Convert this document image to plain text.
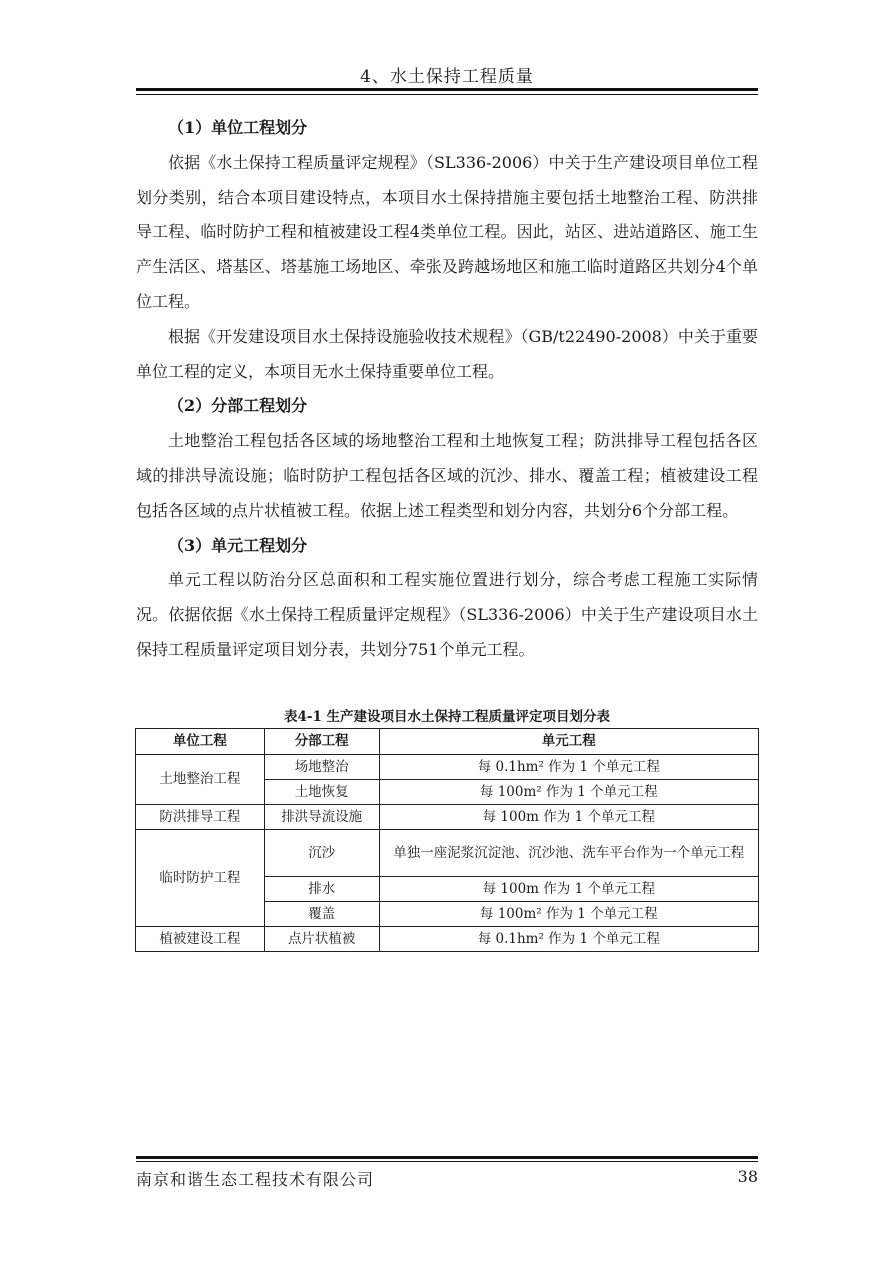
4、水土保持工程质量
（1）单位工程划分

依据《水土保持工程质量评定规程》（SL336-2006）中关于生产建设项目单位工程划分类别，结合本项目建设特点，本项目水土保持措施主要包括土地整治工程、防洪排导工程、临时防护工程和植被建设工程4类单位工程。因此，站区、进站道路区、施工生产生活区、塔基区、塔基施工场地区、牵张及跨越场地区和施工临时道路区共划分4个单位工程。

根据《开发建设项目水土保持设施验收技术规程》（GB/t22490-2008）中关于重要单位工程的定义，本项目无水土保持重要单位工程。

（2）分部工程划分

土地整治工程包括各区域的场地整治工程和土地恢复工程；防洪排导工程包括各区域的排洪导流设施；临时防护工程包括各区域的沉沙、排水、覆盖工程；植被建设工程包括各区域的点片状植被工程。依据上述工程类型和划分内容，共划分6个分部工程。

（3）单元工程划分

单元工程以防治分区总面积和工程实施位置进行划分，综合考虑工程施工实际情况。依据依据《水土保持工程质量评定规程》（SL336-2006）中关于生产建设项目水土保持工程质量评定项目划分表，共划分751个单元工程。

表4-1 生产建设项目水土保持工程质量评定项目划分表
单位工程	分部工程	单元工程
土地整治工程	场地整治	每 0.1hm² 作为 1 个单元工程
	土地恢复	每 100m² 作为 1 个单元工程
防洪排导工程	排洪导流设施	每 100m 作为 1 个单元工程
临时防护工程	沉沙	单独一座泥浆沉淀池、沉沙池、洗车平台作为一个单元工程
	排水	每 100m 作为 1 个单元工程
	覆盖	每 100m² 作为 1 个单元工程
植被建设工程	点片状植被	每 0.1hm² 作为 1 个单元工程
南京和谐生态工程技术有限公司	38
